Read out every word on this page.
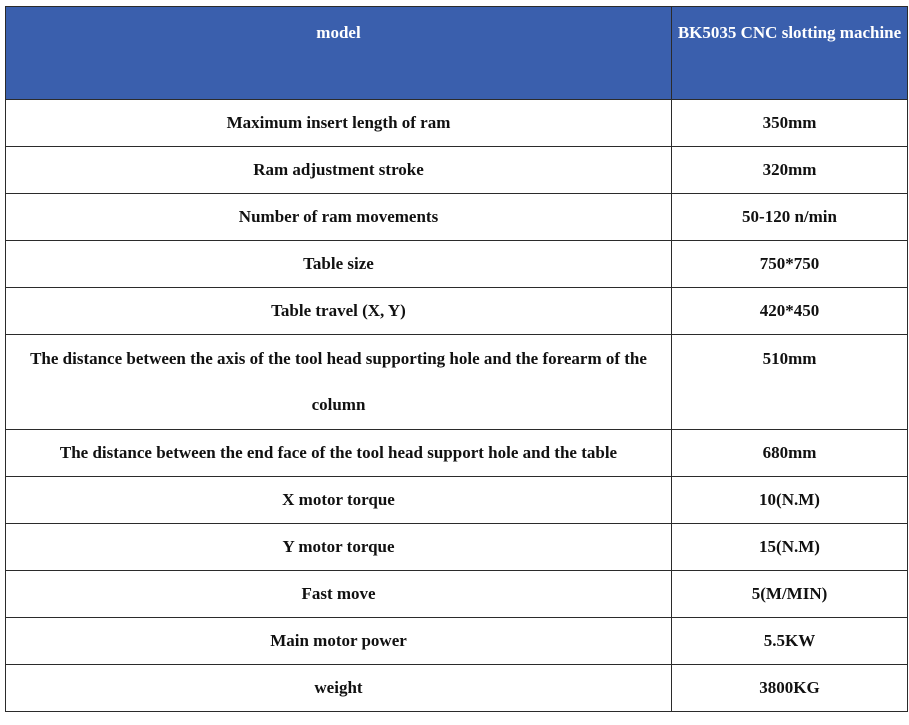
model	BK5035 CNC slotting machine

Maximum insert length of ram	350mm
Ram adjustment stroke	320mm
Number of ram movements	50-120 n/min
Table size	750*750
Table travel (X, Y)	420*450

The distance between the axis of the tool head supporting hole and the forearm of the column	510mm

The distance between the end face of the tool head support hole and the table	680mm
X motor torque	10(N.M)
Y motor torque	15(N.M)
Fast move	5(M/MIN)
Main motor power	5.5KW
weight	3800KG
